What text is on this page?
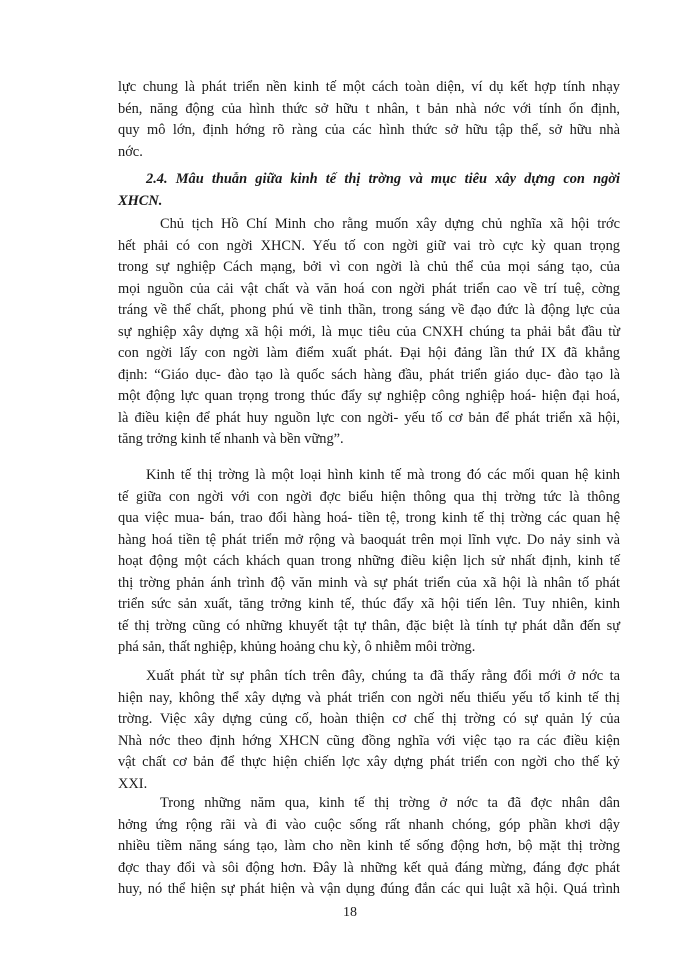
lực chung là phát triển nền kinh tế một cách toàn diện, ví dụ kết hợp tính nhạy
bén, năng động của hình thức sở hữu t nhân, t bản nhà nớc với tính ổn định,
quy mô lớn, định hớng rõ ràng của các hình thức sở hữu tập thể, sở hữu nhà
nớc.
2.4. Mâu thuẫn giữa kinh tế thị trờng và mục tiêu xây dựng con ngời
XHCN.
Chủ tịch Hồ Chí Minh cho rằng muốn xây dựng chủ nghĩa xã hội trớc
hết phải có con ngời XHCN. Yếu tố con ngời giữ vai trò cực kỳ quan trọng
trong sự nghiệp Cách mạng, bởi vì con ngời là chủ thể của mọi sáng tạo, của
mọi nguồn của cải vật chất và văn hoá con ngời phát triển cao về trí tuệ, cờng
tráng về thể chất, phong phú về tinh thần, trong sáng về đạo đức là động lực của
sự nghiệp xây dựng xã hội mới, là mục tiêu của CNXH chúng ta phải bắt đầu từ
con ngời lấy con ngời làm điểm xuất phát. Đại hội đảng lần thứ IX đã khẳng
định: “Giáo dục- đào tạo là quốc sách hàng đầu, phát triển giáo dục- đào tạo là
một động lực quan trọng trong thúc đẩy sự nghiệp công nghiệp hoá- hiện đại hoá,
là điều kiện để phát huy nguồn lực con ngời- yếu tố cơ bản để phát triển xã hội,
tăng trởng kinh tế nhanh và bền vững”.
Kinh tế thị trờng là một loại hình kinh tế mà trong đó các mối quan hệ kinh
tế giữa con ngời với con ngời đợc biểu hiện thông qua thị trờng tức là thông
qua việc mua- bán, trao đổi hàng hoá- tiền tệ, trong kinh tế thị trờng các quan hệ
hàng hoá tiền tệ phát triển mở rộng và baoquát trên mọi lĩnh vực. Do nảy sinh và
hoạt động một cách khách quan trong những điều kiện lịch sử nhất định, kinh tế
thị trờng phản ánh trình độ văn minh và sự phát triển của xã hội là nhân tố phát
triển sức sản xuất, tăng trởng kinh tế, thúc đẩy xã hội tiến lên. Tuy nhiên, kinh
tế thị trờng cũng có những khuyết tật tự thân, đặc biệt là tính tự phát dẫn đến sự
phá sản, thất nghiệp, khủng hoảng chu kỳ, ô nhiễm môi trờng.
Xuất phát từ sự phân tích trên đây, chúng ta đã thấy rằng đổi mới ở nớc ta
hiện nay, không thể xây dựng và phát triển con ngời nếu thiếu yếu tố kinh tế thị
trờng. Việc xây dựng củng cố, hoàn thiện cơ chế thị trờng có sự quản lý của
Nhà nớc theo định hớng XHCN cũng đồng nghĩa với việc tạo ra các điều kiện
vật chất cơ bản để thực hiện chiến lợc xây dựng phát triển con ngời cho thế kỷ
XXI.
Trong những năm qua, kinh tế thị trờng ở nớc ta đã đợc nhân dân
hởng ứng rộng rãi và đi vào cuộc sống rất nhanh chóng, góp phần khơi dậy
nhiều tiềm năng sáng tạo, làm cho nền kinh tế sống động hơn, bộ mặt thị trờng
đợc thay đổi và sôi động hơn. Đây là những kết quả đáng mừng, đáng đợc phát
huy, nó thể hiện sự phát hiện và vận dụng đúng đắn các qui luật xã hội. Quá trình
18
